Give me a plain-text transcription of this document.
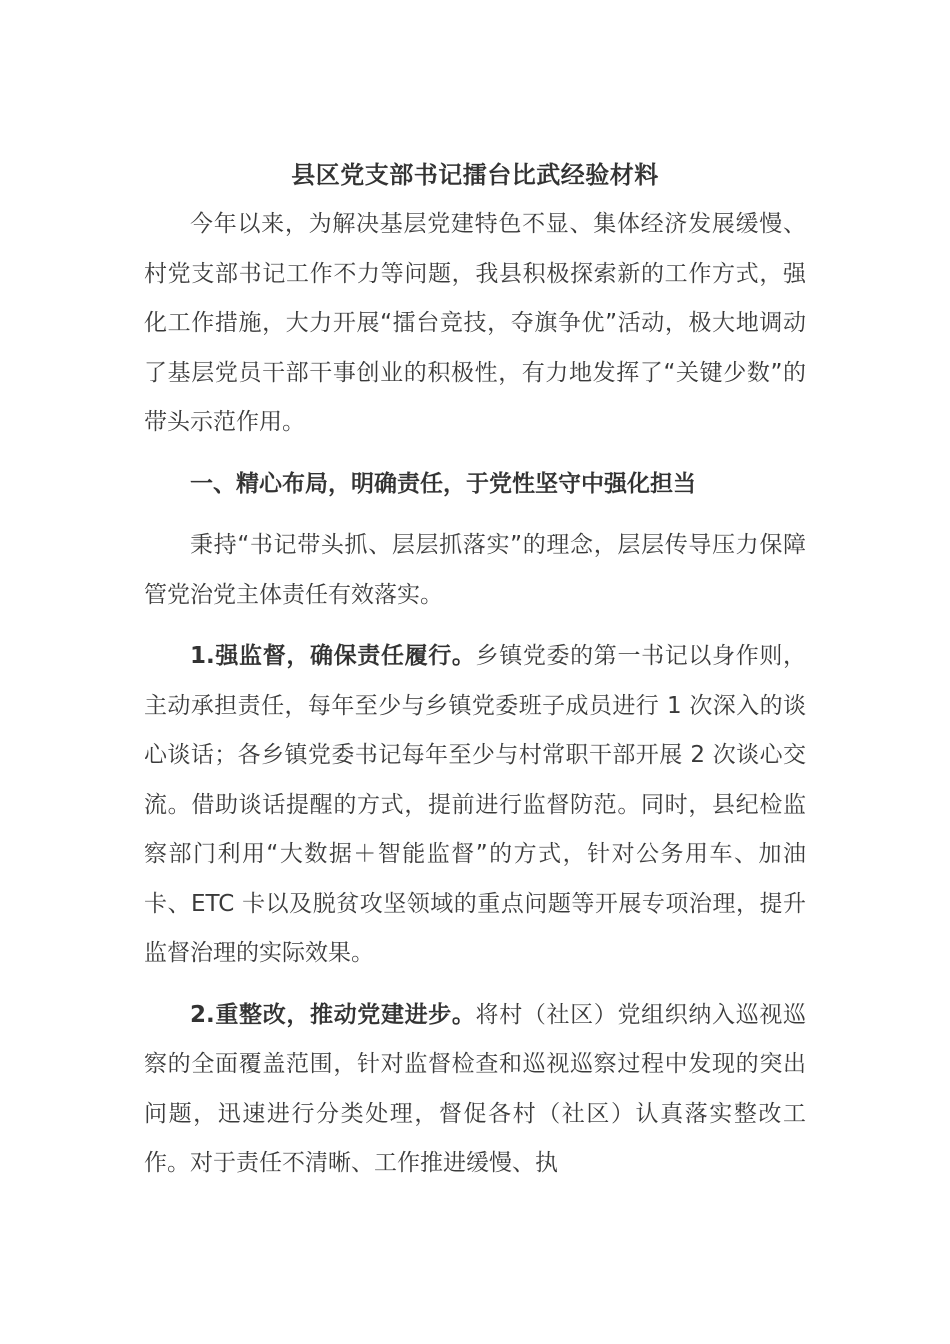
县区党支部书记擂台比武经验材料

今年以来，为解决基层党建特色不显、集体经济发展缓慢、村党支部书记工作不力等问题，我县积极探索新的工作方式，强化工作措施，大力开展“擂台竞技，夺旗争优”活动，极大地调动了基层党员干部干事创业的积极性，有力地发挥了“关键少数”的带头示范作用。

一、精心布局，明确责任，于党性坚守中强化担当

秉持“书记带头抓、层层抓落实”的理念，层层传导压力保障管党治党主体责任有效落实。

1.强监督，确保责任履行。乡镇党委的第一书记以身作则，主动承担责任，每年至少与乡镇党委班子成员进行 1 次深入的谈心谈话；各乡镇党委书记每年至少与村常职干部开展 2 次谈心交流。借助谈话提醒的方式，提前进行监督防范。同时，县纪检监察部门利用“大数据＋智能监督”的方式，针对公务用车、加油卡、ETC 卡以及脱贫攻坚领域的重点问题等开展专项治理，提升监督治理的实际效果。

2.重整改，推动党建进步。将村（社区）党组织纳入巡视巡察的全面覆盖范围，针对监督检查和巡视巡察过程中发现的突出问题，迅速进行分类处理，督促各村（社区）认真落实整改工作。对于责任不清晰、工作推进缓慢、执
